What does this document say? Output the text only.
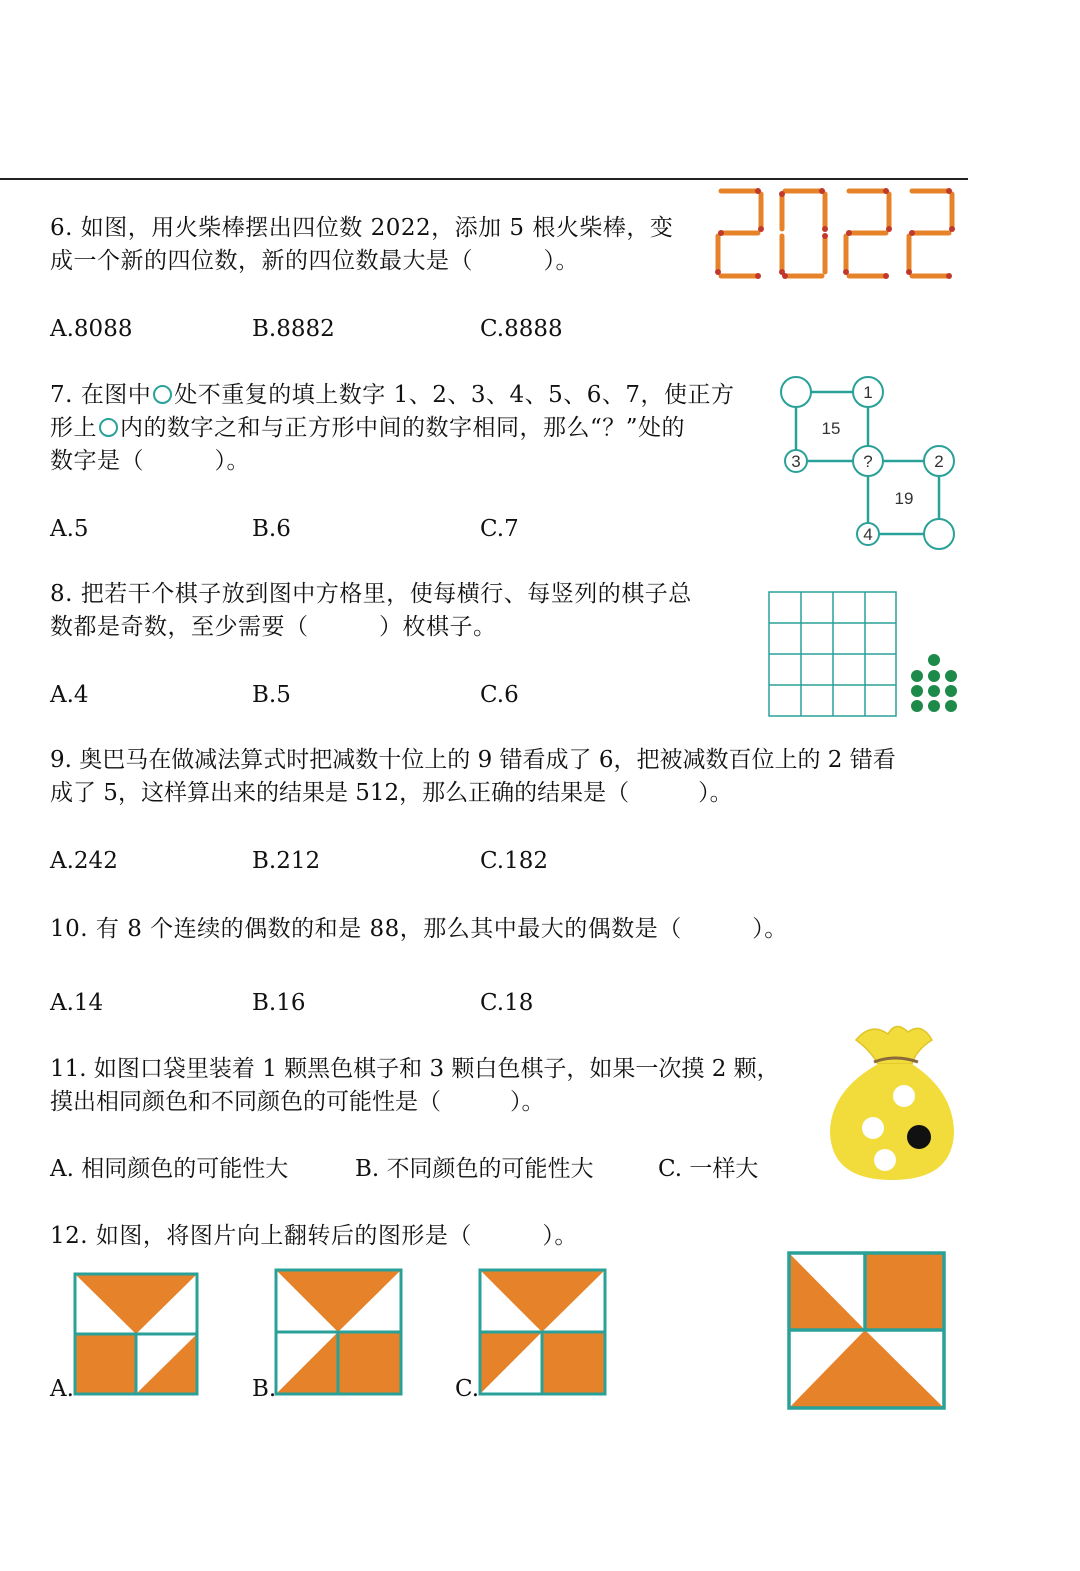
6. 如图，用火柴棒摆出四位数 2022，添加 5 根火柴棒，变
成一个新的四位数，新的四位数最大是（　　　）。

A.8088	B.8882	C.8888

7. 在图中 处不重复的填上数字 1、2、3、4、5、6、7，使正方
形上 内的数字之和与正方形中间的数字相同，那么“？”处的
数字是（　　　）。

1
3	?	2
4
15
19
A.5	B.6	C.7

8. 把若干个棋子放到图中方格里，使每横行、每竖列的棋子总
数都是奇数，至少需要（　　　）枚棋子。

A.4	B.5	C.6

9. 奥巴马在做减法算式时把减数十位上的 9 错看成了 6，把被减数百位上的 2 错看
成了 5，这样算出来的结果是 512，那么正确的结果是（　　　）。

A.242	B.212	C.182

10. 有 8 个连续的偶数的和是 88，那么其中最大的偶数是（　　　）。

A.14	B.16	C.18

11. 如图口袋里装着 1 颗黑色棋子和 3 颗白色棋子，如果一次摸 2 颗，
摸出相同颜色和不同颜色的可能性是（　　　）。

A. 相同颜色的可能性大	B. 不同颜色的可能性大	C. 一样大

12. 如图，将图片向上翻转后的图形是（　　　）。

A.	B.	C.
